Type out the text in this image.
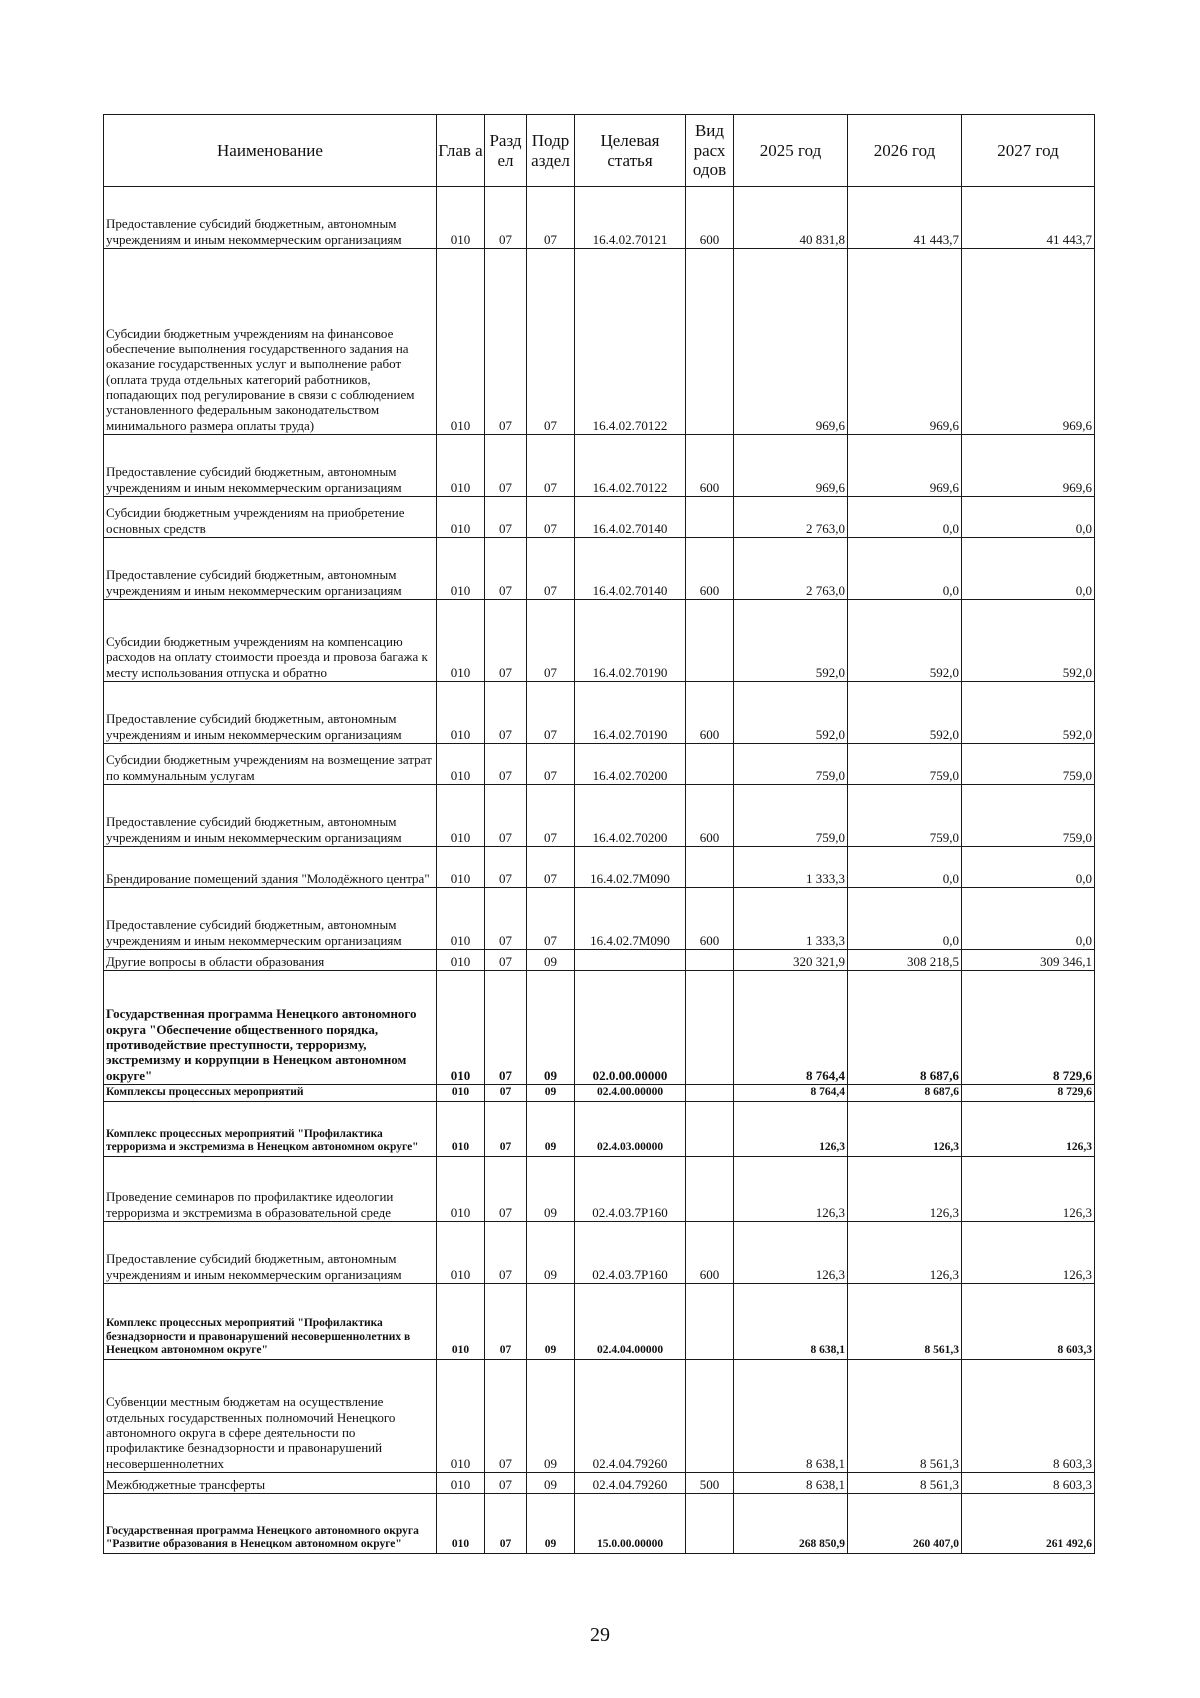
Наименование	Глав а	Разд ел	Подр аздел	Целевая статья	Вид расх одов	2025 год	2026 год	2027 год
Предоставление субсидий бюджетным, автономным учреждениям и иным некоммерческим организациям	010	07	07	16.4.02.70121	600	40 831,8	41 443,7	41 443,7
Субсидии бюджетным учреждениям на финансовое обеспечение выполнения государственного задания на оказание государственных услуг и выполнение работ (оплата труда отдельных категорий работников, попадающих под регулирование в связи с соблюдением установленного федеральным законодательством минимального размера оплаты труда)	010	07	07	16.4.02.70122		969,6	969,6	969,6
Предоставление субсидий бюджетным, автономным учреждениям и иным некоммерческим организациям	010	07	07	16.4.02.70122	600	969,6	969,6	969,6
Субсидии бюджетным учреждениям на приобретение основных средств	010	07	07	16.4.02.70140		2 763,0	0,0	0,0
Предоставление субсидий бюджетным, автономным учреждениям и иным некоммерческим организациям	010	07	07	16.4.02.70140	600	2 763,0	0,0	0,0
Субсидии бюджетным учреждениям на компенсацию расходов на оплату стоимости проезда и провоза багажа к месту использования отпуска и обратно	010	07	07	16.4.02.70190		592,0	592,0	592,0
Предоставление субсидий бюджетным, автономным учреждениям и иным некоммерческим организациям	010	07	07	16.4.02.70190	600	592,0	592,0	592,0
Субсидии бюджетным учреждениям на возмещение затрат по коммунальным услугам	010	07	07	16.4.02.70200		759,0	759,0	759,0
Предоставление субсидий бюджетным, автономным учреждениям и иным некоммерческим организациям	010	07	07	16.4.02.70200	600	759,0	759,0	759,0
Брендирование помещений здания "Молодёжного центра"	010	07	07	16.4.02.7M090		1 333,3	0,0	0,0
Предоставление субсидий бюджетным, автономным учреждениям и иным некоммерческим организациям	010	07	07	16.4.02.7M090	600	1 333,3	0,0	0,0
Другие вопросы в области образования	010	07	09			320 321,9	308 218,5	309 346,1
Государственная программа Ненецкого автономного округа "Обеспечение общественного порядка, противодействие преступности, терроризму, экстремизму и коррупции в Ненецком автономном округе"	010	07	09	02.0.00.00000		8 764,4	8 687,6	8 729,6
Комплексы процессных мероприятий	010	07	09	02.4.00.00000		8 764,4	8 687,6	8 729,6
Комплекс процессных мероприятий "Профилактика терроризма и экстремизма в Ненецком автономном округе"	010	07	09	02.4.03.00000		126,3	126,3	126,3
Проведение семинаров по профилактике идеологии терроризма и экстремизма в образовательной среде	010	07	09	02.4.03.7P160		126,3	126,3	126,3
Предоставление субсидий бюджетным, автономным учреждениям и иным некоммерческим организациям	010	07	09	02.4.03.7P160	600	126,3	126,3	126,3
Комплекс процессных мероприятий "Профилактика безнадзорности и правонарушений несовершеннолетних в Ненецком автономном округе"	010	07	09	02.4.04.00000		8 638,1	8 561,3	8 603,3
Субвенции местным бюджетам на осуществление отдельных государственных полномочий Ненецкого автономного округа в сфере деятельности по профилактике безнадзорности и правонарушений несовершеннолетних	010	07	09	02.4.04.79260		8 638,1	8 561,3	8 603,3
Межбюджетные трансферты	010	07	09	02.4.04.79260	500	8 638,1	8 561,3	8 603,3
Государственная программа Ненецкого автономного округа "Развитие образования в Ненецком автономном округе"	010	07	09	15.0.00.00000		268 850,9	260 407,0	261 492,6
29
